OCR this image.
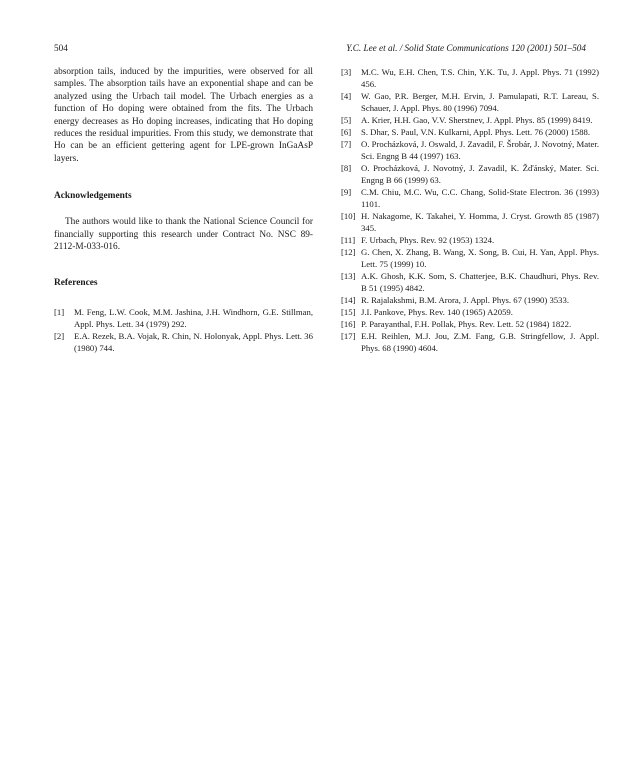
504	Y.C. Lee et al. / Solid State Communications 120 (2001) 501–504

absorption tails, induced by the impurities, were observed for all samples. The absorption tails have an exponential shape and can be analyzed using the Urbach tail model. The Urbach energies as a function of Ho doping were obtained from the fits. The Urbach energy decreases as Ho doping increases, indicating that Ho doping reduces the residual impurities. From this study, we demonstrate that Ho can be an efficient gettering agent for LPE-grown InGaAsP layers.

Acknowledgements

The authors would like to thank the National Science Council for financially supporting this research under Contract No. NSC 89-2112-M-033-016.

References
[1] M. Feng, L.W. Cook, M.M. Jashina, J.H. Windhorn, G.E. Stillman, Appl. Phys. Lett. 34 (1979) 292.
[2] E.A. Rezek, B.A. Vojak, R. Chin, N. Holonyak, Appl. Phys. Lett. 36 (1980) 744.
[3] M.C. Wu, E.H. Chen, T.S. Chin, Y.K. Tu, J. Appl. Phys. 71 (1992) 456.
[4] W. Gao, P.R. Berger, M.H. Ervin, J. Pamulapati, R.T. Lareau, S. Schauer, J. Appl. Phys. 80 (1996) 7094.
[5] A. Krier, H.H. Gao, V.V. Sherstnev, J. Appl. Phys. 85 (1999) 8419.
[6] S. Dhar, S. Paul, V.N. Kulkarni, Appl. Phys. Lett. 76 (2000) 1588.
[7] O. Procházková, J. Oswald, J. Zavadil, F. Šrobár, J. Novotný, Mater. Sci. Engng B 44 (1997) 163.
[8] O. Procházková, J. Novotný, J. Zavadil, K. Žďánský, Mater. Sci. Engng B 66 (1999) 63.
[9] C.M. Chiu, M.C. Wu, C.C. Chang, Solid-State Electron. 36 (1993) 1101.
[10] H. Nakagome, K. Takahei, Y. Homma, J. Cryst. Growth 85 (1987) 345.
[11] F. Urbach, Phys. Rev. 92 (1953) 1324.
[12] G. Chen, X. Zhang, B. Wang, X. Song, B. Cui, H. Yan, Appl. Phys. Lett. 75 (1999) 10.
[13] A.K. Ghosh, K.K. Som, S. Chatterjee, B.K. Chaudhuri, Phys. Rev. B 51 (1995) 4842.
[14] R. Rajalakshmi, B.M. Arora, J. Appl. Phys. 67 (1990) 3533.
[15] J.I. Pankove, Phys. Rev. 140 (1965) A2059.
[16] P. Parayanthal, F.H. Pollak, Phys. Rev. Lett. 52 (1984) 1822.
[17] E.H. Reihlen, M.J. Jou, Z.M. Fang, G.B. Stringfellow, J. Appl. Phys. 68 (1990) 4604.
